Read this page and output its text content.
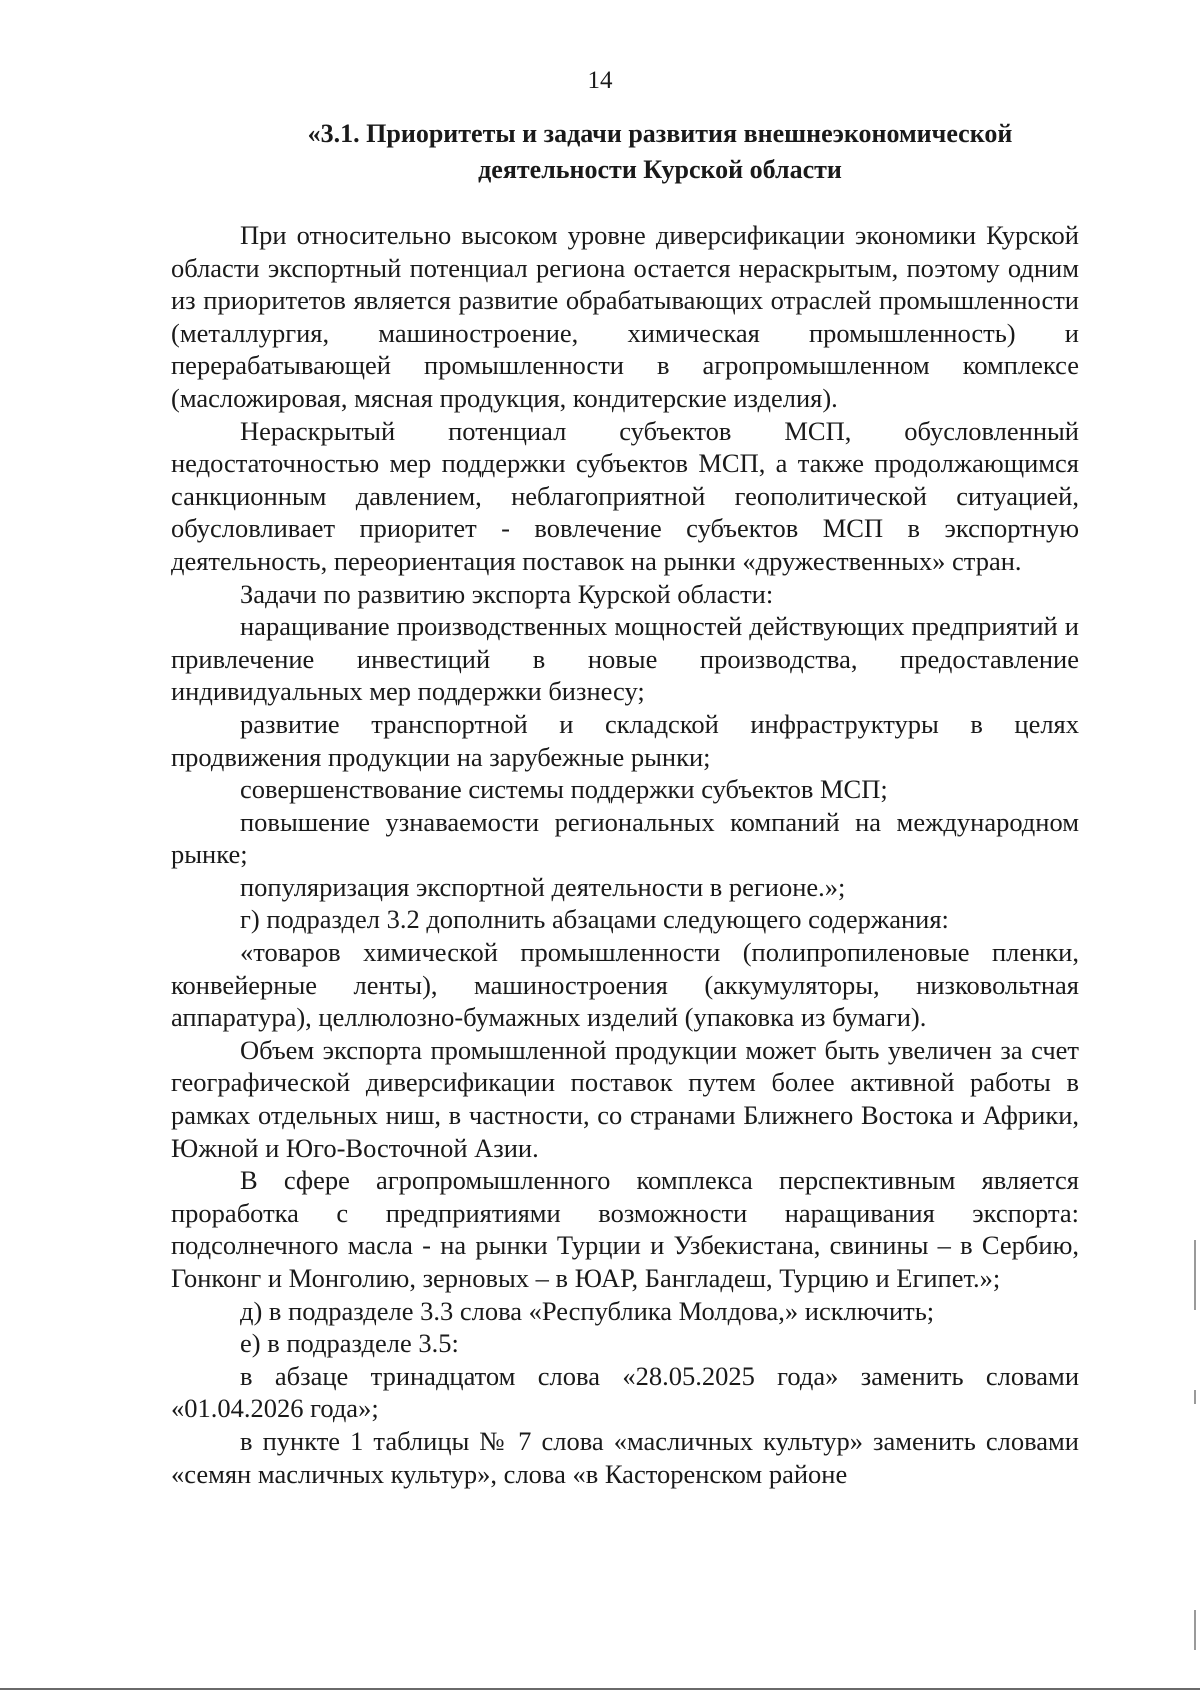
14
«3.1. Приоритеты и задачи развития внешнеэкономической
деятельности Курской области

При относительно высоком уровне диверсификации экономики Курской области экспортный потенциал региона остается нераскрытым, поэтому одним из приоритетов является развитие обрабатывающих отраслей промышленности (металлургия, машиностроение, химическая промышленность) и перерабатывающей промышленности в агропромышленном комплексе (масложировая, мясная продукция, кондитерские изделия).

Нераскрытый потенциал субъектов МСП, обусловленный недостаточностью мер поддержки субъектов МСП, а также продолжающимся санкционным давлением, неблагоприятной геополитической ситуацией, обусловливает приоритет - вовлечение субъектов МСП в экспортную деятельность, переориентация поставок на рынки «дружественных» стран.

Задачи по развитию экспорта Курской области:

наращивание производственных мощностей действующих предприятий и привлечение инвестиций в новые производства, предоставление индивидуальных мер поддержки бизнесу;

развитие транспортной и складской инфраструктуры в целях продвижения продукции на зарубежные рынки;

совершенствование системы поддержки субъектов МСП;

повышение узнаваемости региональных компаний на международном рынке;

популяризация экспортной деятельности в регионе.»;

г) подраздел 3.2 дополнить абзацами следующего содержания:

«товаров химической промышленности (полипропиленовые пленки, конвейерные ленты), машиностроения (аккумуляторы, низковольтная аппаратура), целлюлозно-бумажных изделий (упаковка из бумаги).

Объем экспорта промышленной продукции может быть увеличен за счет географической диверсификации поставок путем более активной работы в рамках отдельных ниш, в частности, со странами Ближнего Востока и Африки, Южной и Юго-Восточной Азии.

В сфере агропромышленного комплекса перспективным является проработка с предприятиями возможности наращивания экспорта: подсолнечного масла - на рынки Турции и Узбекистана, свинины – в Сербию, Гонконг и Монголию, зерновых – в ЮАР, Бангладеш, Турцию и Египет.»;

д) в подразделе 3.3 слова «Республика Молдова,» исключить;

е) в подразделе 3.5:

в абзаце тринадцатом слова «28.05.2025 года» заменить словами «01.04.2026 года»;

в пункте 1 таблицы № 7 слова «масличных культур» заменить словами «семян масличных культур», слова «в Касторенском районе
